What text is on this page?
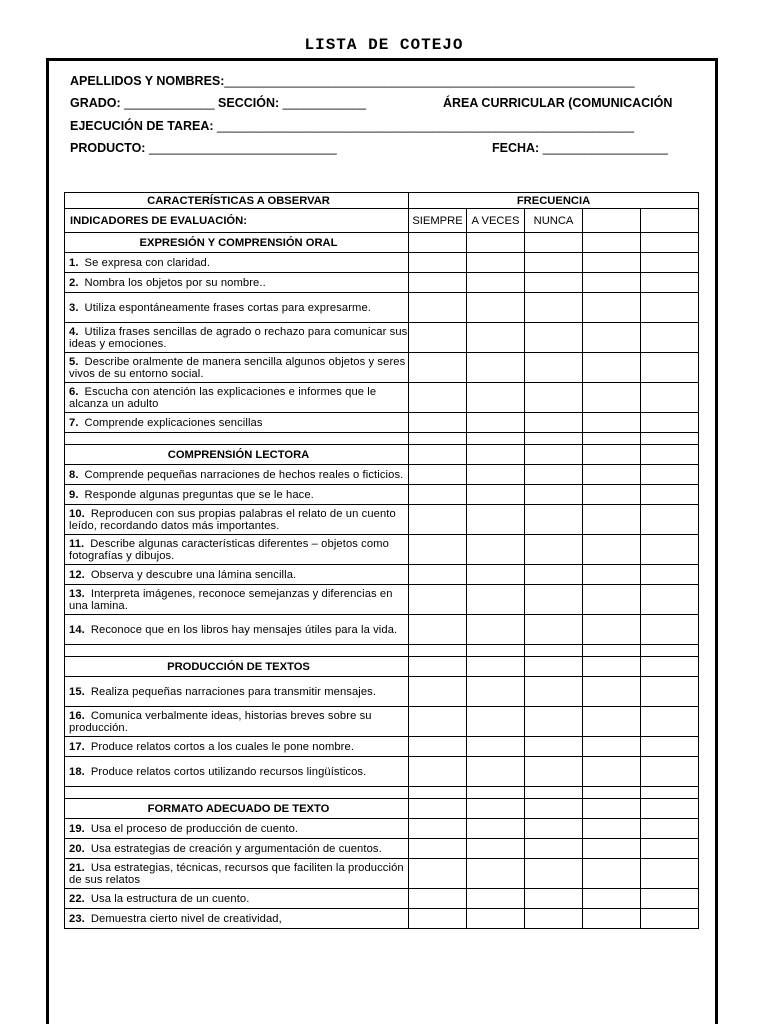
LISTA DE COTEJO
APELLIDOS Y NOMBRES:___________________________________________________________
GRADO: _____________ SECCIÓN: ____________	ÁREA CURRICULAR (COMUNICACIÓN
EJECUCIÓN DE TAREA: ____________________________________________________________
PRODUCTO: ___________________________	FECHA: __________________
CARACTERÍSTICAS A OBSERVAR	FRECUENCIA				
INDICADORES DE EVALUACIÓN:	SIEMPRE	A VECES	NUNCA		
EXPRESIÓN Y COMPRENSIÓN ORAL					
1. Se expresa con claridad.					
2. Nombra los objetos por su nombre..					
3. Utiliza espontáneamente frases cortas para expresarme.					
4. Utiliza frases sencillas de agrado o rechazo para comunicar sus ideas y emociones.					
5. Describe oralmente de manera sencilla algunos objetos y seres vivos de su entorno social.					
6. Escucha con atención las explicaciones e informes que le alcanza un adulto					
7. Comprende explicaciones sencillas					

COMPRENSIÓN LECTORA					
8. Comprende pequeñas narraciones de hechos reales o ficticios.					
9. Responde algunas preguntas que se le hace.					
10. Reproducen con sus propias palabras el relato de un cuento leído, recordando datos más importantes.					
11. Describe algunas características diferentes – objetos como fotografías y dibujos.					
12. Observa y descubre una lámina sencilla.					
13. Interpreta imágenes, reconoce semejanzas y diferencias en una lamina.					
14. Reconoce que en los libros hay mensajes útiles para la vida.					

PRODUCCIÓN DE TEXTOS					
15. Realiza pequeñas narraciones para transmitir mensajes.					
16. Comunica verbalmente ideas, historias breves sobre su producción.					
17. Produce relatos cortos a los cuales le pone nombre.					
18. Produce relatos cortos utilizando recursos lingüísticos.					

FORMATO ADECUADO DE TEXTO					
19. Usa el proceso de producción de cuento.					
20. Usa estrategias de creación y argumentación de cuentos.					
21. Usa estrategias, técnicas, recursos que faciliten la producción de sus relatos					
22. Usa la estructura de un cuento.					
23. Demuestra cierto nivel de creatividad,					
